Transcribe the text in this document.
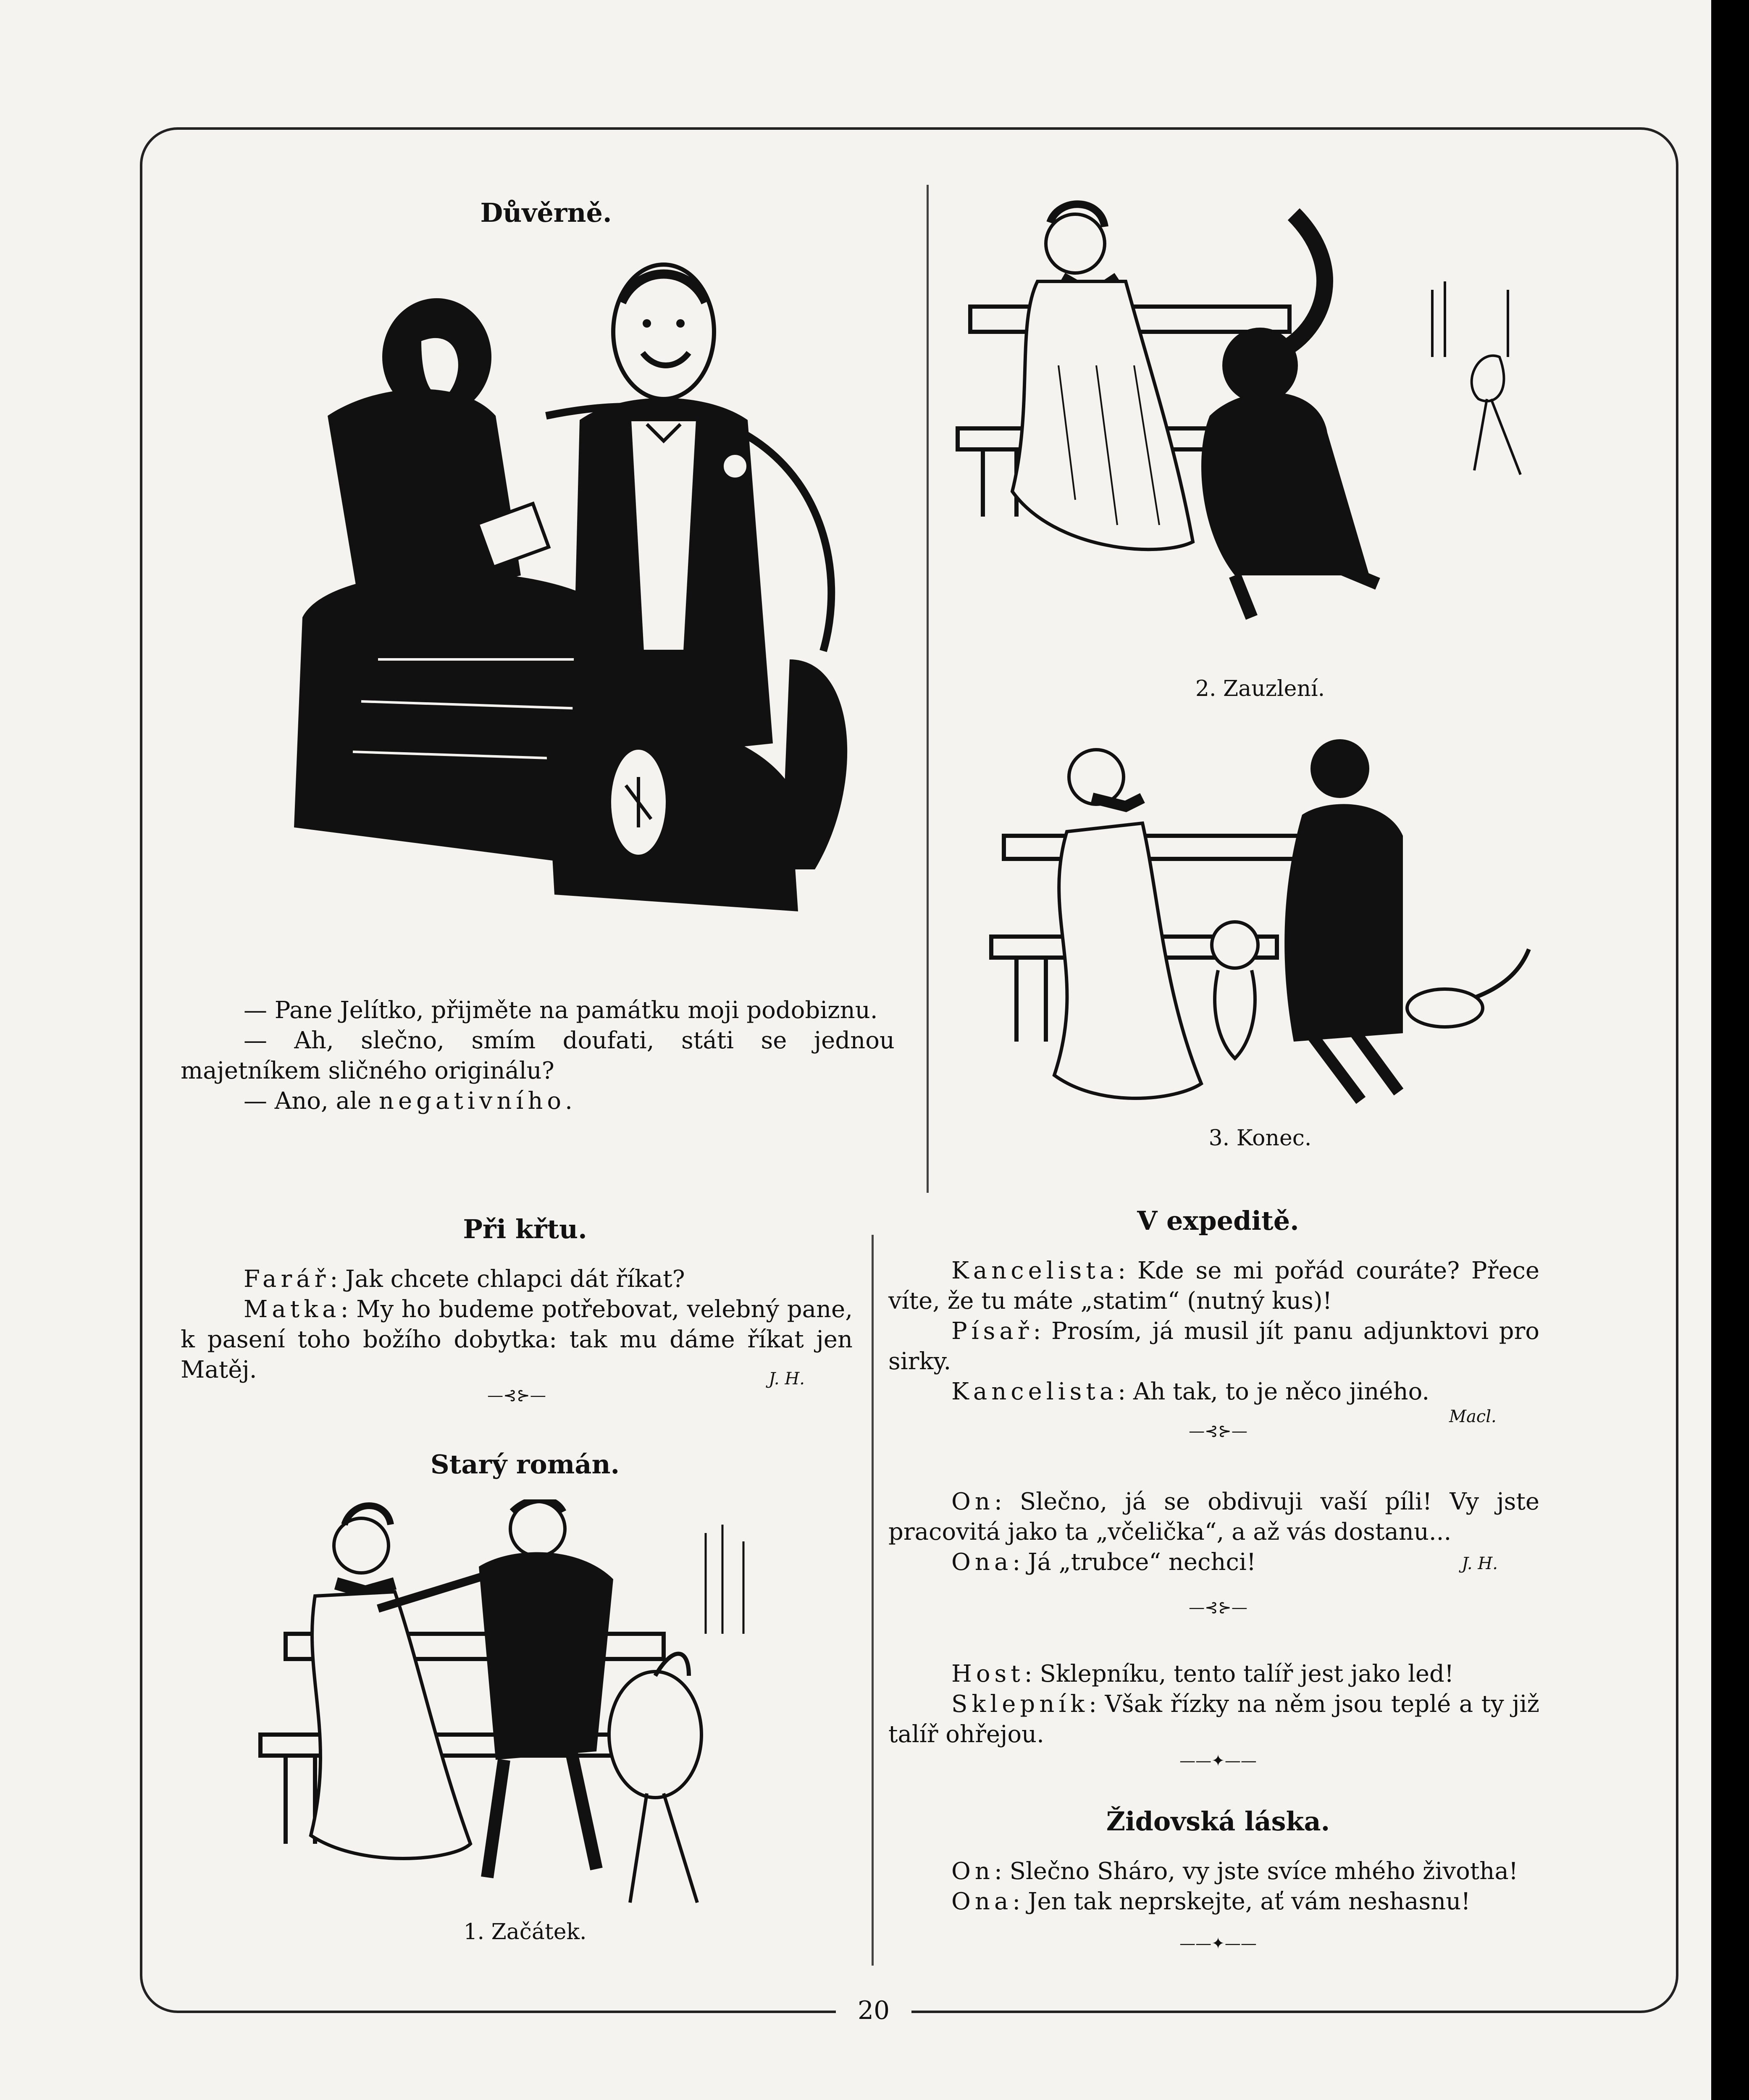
Důvěrně.

— Pane Jelítko, přijměte na památku moji podobiznu.

— Ah, slečno, smím doufati, státi se jednou majetníkem sličného originálu?

— Ano, ale negativního.

2. Zauzlení.
3. Konec.
Při křtu.

Farář: Jak chcete chlapci dát říkat?

Matka: My ho budeme potřebovat, velebný pane, k pasení toho božího dobytka: tak mu dáme říkat jen Matěj.	J. H.
—⊰⊱—
Starý román.
1. Začátek.
V expeditě.

Kancelista: Kde se mi pořád couráte? Přece víte, že tu máte „statim“ (nutný kus)!

Písař: Prosím, já musil jít panu adjunktovi pro sirky.

Kancelista: Ah tak, to je něco jiného.

Macl.
—⊰⊱—

On: Slečno, já se obdivuji vaší píli! Vy jste pracovitá jako ta „včelička“, a až vás dostanu...

Ona: Já „trubce“ nechci!	J. H.
—⊰⊱—

Host: Sklepníku, tento talíř jest jako led!

Sklepník: Však řízky na něm jsou teplé a ty již talíř ohřejou.

——✦——
Židovská láska.

On: Slečno Sháro, vy jste svíce mhého životha!

Ona: Jen tak neprskejte, ať vám neshasnu!

——✦——
20
